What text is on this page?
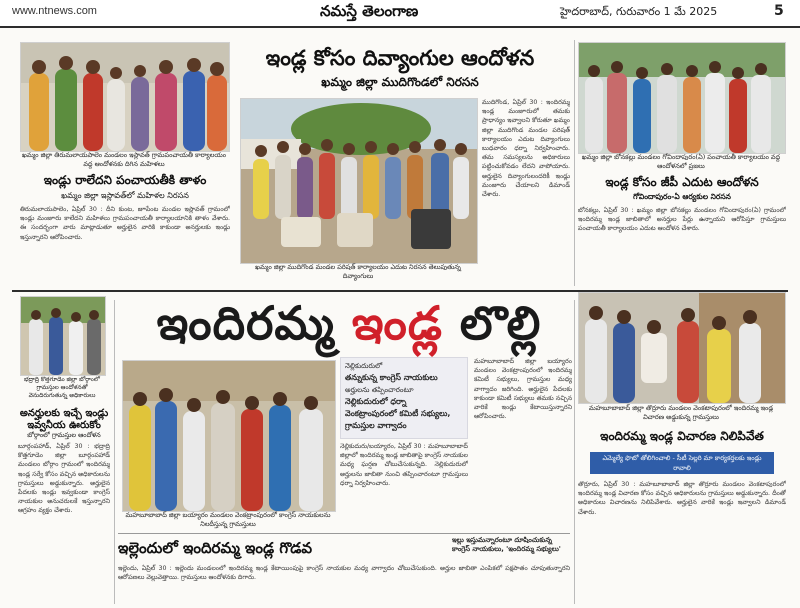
www.ntnews.com	నమస్తే తెలంగాణ	హైదరాబాద్, గురువారం 1 మే 2025	5
ఖమ్మం జిల్లా తిరుమలాయపాలెం మండలం ఇస్లావత్ గ్రామపంచాయతీ కార్యాలయం వద్ద ఆందోళనకు దిగిన మహిళలు
ఇండ్లు రాలేదని పంచాయతీకి తాళం
ఖమ్మం జిల్లా ఇస్లావత్‌లో మహిళల నిరసన
తిరుమలాయపాలెం, ఏప్రిల్ 30 : దీని కుంట, జూపేంట మండల ఇస్లావత్ గ్రామంలో ఇండ్లు మంజూరు కాలేదని మహిళలు గ్రామపంచాయతీ కార్యాలయానికి తాళం వేశారు. ఈ సందర్భంగా వారు మాట్లాడుతూ అర్హులైన వారికి కాకుండా అనర్హులకు ఇండ్లు ఇస్తున్నారని ఆరోపించారు.
ఇండ్ల కోసం దివ్యాంగుల ఆందోళన
ఖమ్మం జిల్లా ముదిగొండలో నిరసన
ఖమ్మం జిల్లా ముదిగొండ మండల పరిషత్ కార్యాలయం ఎదుట నిరసన తెలుపుతున్న దివ్యాంగులు
ముదిగొండ, ఏప్రిల్ 30 : ఇందిరమ్మ ఇండ్ల మంజూరులో తమకు ప్రాధాన్యం ఇవ్వాలని కోరుతూ ఖమ్మం జిల్లా ముదిగొండ మండల పరిషత్ కార్యాలయం ఎదుట దివ్యాంగులు బుధవారం ధర్నా నిర్వహించారు. తమ సమస్యలను అధికారులు పట్టించుకోవడం లేదని వాపోయారు. అర్హులైన దివ్యాంగులందరికీ ఇండ్లు మంజూరు చేయాలని డిమాండ్ చేశారు.
ఖమ్మం జిల్లా బోనకల్లు మండలం గోవిందాపురం(ఏ) పంచాయతీ కార్యాలయం వద్ద ఆందోళనలో ప్రజలు
ఇండ్ల కోసం జీపీ ఎదుట ఆందోళన
గోవిందాపురం-ఏ ఆర్యకుల నిరసన
బోనకల్లు, ఏప్రిల్ 30 : ఖమ్మం జిల్లా బోనకల్లు మండలం గోవిందాపురం(ఏ) గ్రామంలో ఇందిరమ్మ ఇండ్ల జాబితాలో అనర్హుల పేర్లు ఉన్నాయని ఆరోపిస్తూ గ్రామస్తులు పంచాయతీ కార్యాలయం ఎదుట ఆందోళన చేశారు.
ఇందిరమ్మ ఇండ్ల లొల్లి
భద్రాద్రి కొత్తగూడెం జిల్లా బోర్గాంలో గ్రామస్తుల ఆందోళనతో వెనుదిరుగుతున్న అధికారులు
అనర్హులకు ఇచ్చే ఇండ్లు ఇవ్వనీయ ఊరుకోం
బోర్గాంలో గ్రామస్తుల ఆందోళన
బూర్గంపహాడ్, ఏప్రిల్ 30 : భద్రాద్రి కొత్తగూడెం జిల్లా బూర్గంపహాడ్ మండలం బోర్గాం గ్రామంలో ఇందిరమ్మ ఇండ్ల సర్వే కోసం వచ్చిన అధికారులను గ్రామస్తులు అడ్డుకున్నారు. అర్హులైన పేదలకు ఇండ్లు ఇవ్వకుండా కాంగ్రెస్ నాయకుల అనుచరులకే ఇస్తున్నారని ఆగ్రహం వ్యక్తం చేశారు.
మహబూబాబాద్ జిల్లా బయ్యారం మండలం వెంకట్రాంపురంలో కాంగ్రెస్ నాయకులను నిలదీస్తున్న గ్రామస్తులు
నెల్లికుదురులో
తన్నుకున్న కాంగ్రెస్ నాయకులు
అర్హులను తప్పించారంటూ
నెల్లికుదురులో ధర్నా
వెంకట్రాంపురంలో కమిటీ సభ్యులు,
గ్రామస్తుల వాగ్వాదం
నెల్లికుదురు/బయ్యారం, ఏప్రిల్ 30 : మహబూబాబాద్ జిల్లాలో ఇందిరమ్మ ఇండ్ల జాబితాపై కాంగ్రెస్ నాయకుల మధ్య ఘర్షణ చోటుచేసుకున్నది. నెల్లికుదురులో అర్హులను జాబితా నుంచి తప్పించారంటూ గ్రామస్తులు ధర్నా నిర్వహించారు.
మహబూబాబాద్ జిల్లా బయ్యారం మండలం వెంకట్రాంపురంలో ఇందిరమ్మ కమిటీ సభ్యులు, గ్రామస్తుల మధ్య వాగ్వాదం జరిగింది. అర్హులైన పేదలకు కాకుండా కమిటీ సభ్యులు తమకు నచ్చిన వారికే ఇండ్లు కేటాయిస్తున్నారని ఆరోపించారు.
ఇల్లెందులో ఇందిరమ్మ ఇండ్ల గొడవ	ఇల్లు ఇస్తుమన్నారంటూ దూషించుకున్న కాంగ్రెస్ నాయకులు, 'ఇందిరమ్మ సభ్యులు'
ఇల్లెందు, ఏప్రిల్ 30 : ఇల్లెందు మండలంలో ఇందిరమ్మ ఇండ్ల కేటాయింపుపై కాంగ్రెస్ నాయకుల మధ్య వాగ్వాదం చోటుచేసుకుంది. అర్హుల జాబితా ఎంపికలో పక్షపాతం చూపుతున్నారని ఆరోపణలు వెల్లువెత్తాయి. గ్రామస్తులు ఆందోళనకు దిగారు.
మహబూబాబాద్ జిల్లా తొర్రూరు మండలం వెంకటాపురంలో ఇందిరమ్మ ఇండ్ల విచారణ అడ్డుకున్న గ్రామస్తులు
ఇందిరమ్మ ఇండ్ల విచారణ నిలిపివేత
ఎమ్మెల్యే ఫొటో తోలిగించాలి - సీటీ సెల్లరి మా కార్యకర్తలకు ఇండ్లు రావాలి
తొర్రూరు, ఏప్రిల్ 30 : మహబూబాబాద్ జిల్లా తొర్రూరు మండలం వెంకటాపురంలో ఇందిరమ్మ ఇండ్ల విచారణ కోసం వచ్చిన అధికారులను గ్రామస్తులు అడ్డుకున్నారు. దీంతో అధికారులు విచారణను నిలిపివేశారు. అర్హులైన వారికే ఇండ్లు ఇవ్వాలని డిమాండ్ చేశారు.
